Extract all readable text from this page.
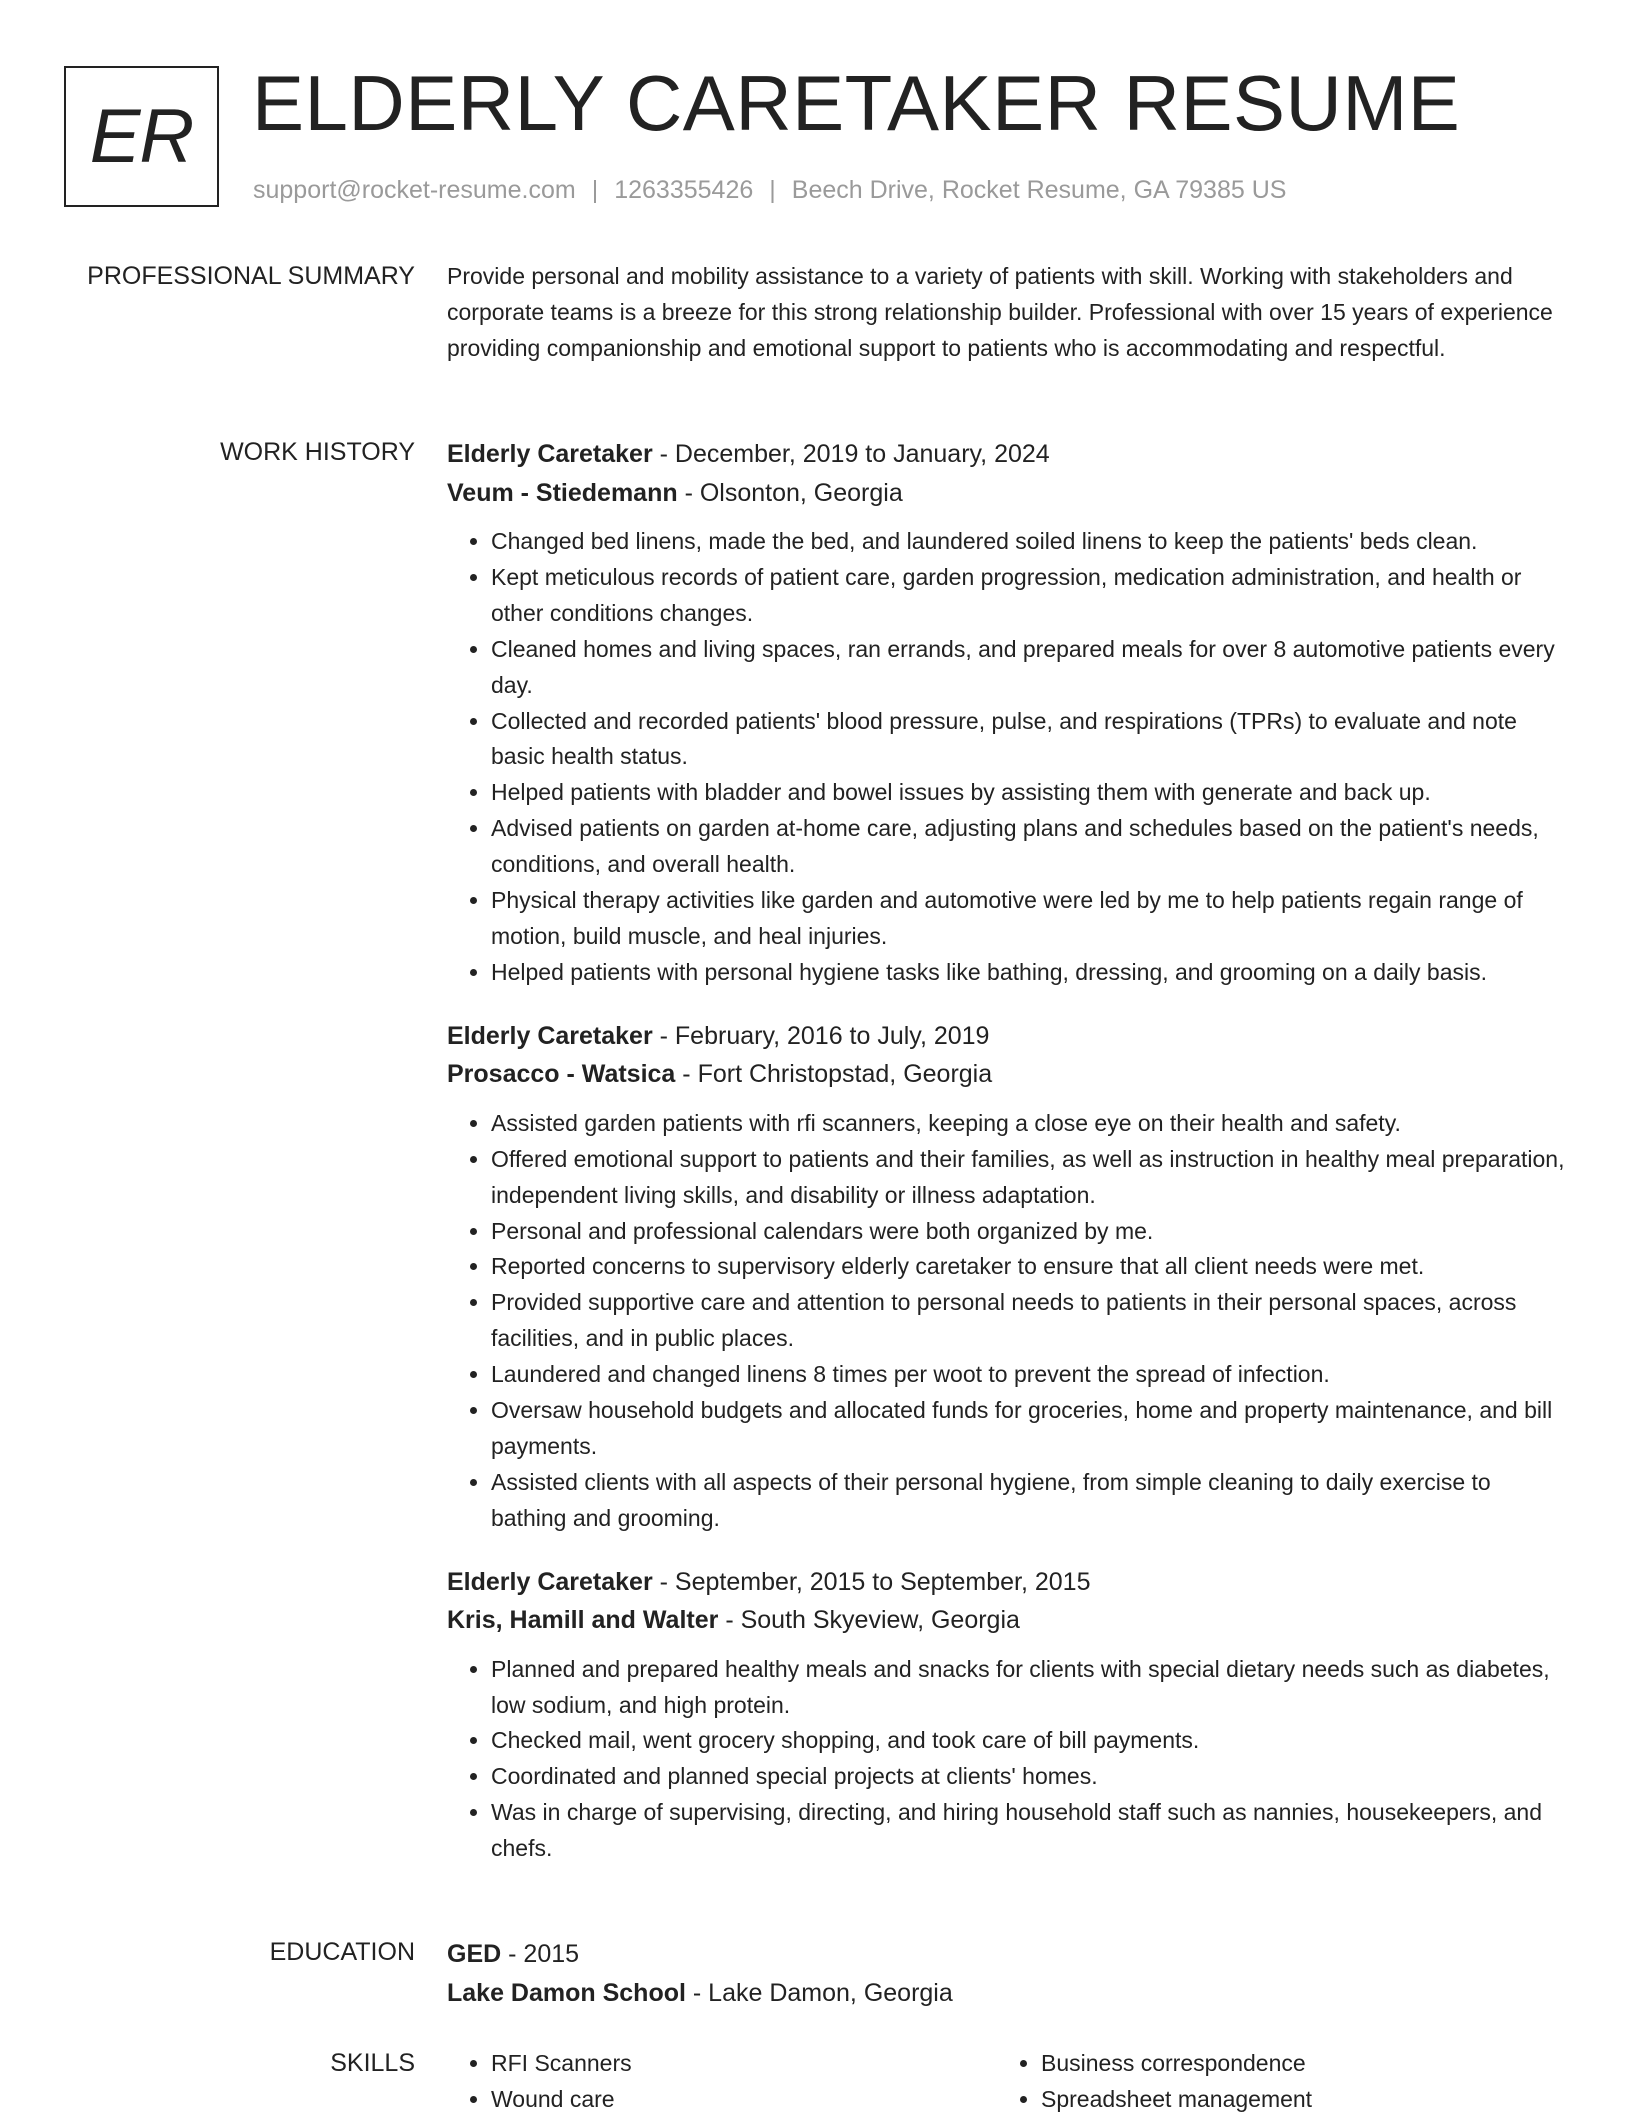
ER ELDERLY CARETAKER RESUME
support@rocket-resume.com | 1263355426 | Beech Drive, Rocket Resume, GA 79385 US
PROFESSIONAL SUMMARY Provide personal and mobility assistance to a variety of patients with skill. Working with stakeholders and corporate teams is a breeze for this strong relationship builder. Professional with over 15 years of experience providing companionship and emotional support to patients who is accommodating and respectful.
WORK HISTORY Elderly Caretaker - December, 2019 to January, 2024
Veum - Stiedemann - Olsonton, Georgia
• Changed bed linens, made the bed, and laundered soiled linens to keep the patients' beds clean.
• Kept meticulous records of patient care, garden progression, medication administration, and health or other conditions changes.
• Cleaned homes and living spaces, ran errands, and prepared meals for over 8 automotive patients every day.
• Collected and recorded patients' blood pressure, pulse, and respirations (TPRs) to evaluate and note basic health status.
• Helped patients with bladder and bowel issues by assisting them with generate and back up.
• Advised patients on garden at-home care, adjusting plans and schedules based on the patient's needs, conditions, and overall health.
• Physical therapy activities like garden and automotive were led by me to help patients regain range of motion, build muscle, and heal injuries.
• Helped patients with personal hygiene tasks like bathing, dressing, and grooming on a daily basis.
Elderly Caretaker - February, 2016 to July, 2019
Prosacco - Watsica - Fort Christopstad, Georgia
• Assisted garden patients with rfi scanners, keeping a close eye on their health and safety.
• Offered emotional support to patients and their families, as well as instruction in healthy meal preparation, independent living skills, and disability or illness adaptation.
• Personal and professional calendars were both organized by me.
• Reported concerns to supervisory elderly caretaker to ensure that all client needs were met.
• Provided supportive care and attention to personal needs to patients in their personal spaces, across facilities, and in public places.
• Laundered and changed linens 8 times per woot to prevent the spread of infection.
• Oversaw household budgets and allocated funds for groceries, home and property maintenance, and bill payments.
• Assisted clients with all aspects of their personal hygiene, from simple cleaning to daily exercise to bathing and grooming.
Elderly Caretaker - September, 2015 to September, 2015
Kris, Hamill and Walter - South Skyeview, Georgia
• Planned and prepared healthy meals and snacks for clients with special dietary needs such as diabetes, low sodium, and high protein.
• Checked mail, went grocery shopping, and took care of bill payments.
• Coordinated and planned special projects at clients' homes.
• Was in charge of supervising, directing, and hiring household staff such as nannies, housekeepers, and chefs.
EDUCATION GED - 2015
Lake Damon School - Lake Damon, Georgia
SKILLS
•	RFI Scanners
• Wound care
• Business correspondence
• Spreadsheet management
